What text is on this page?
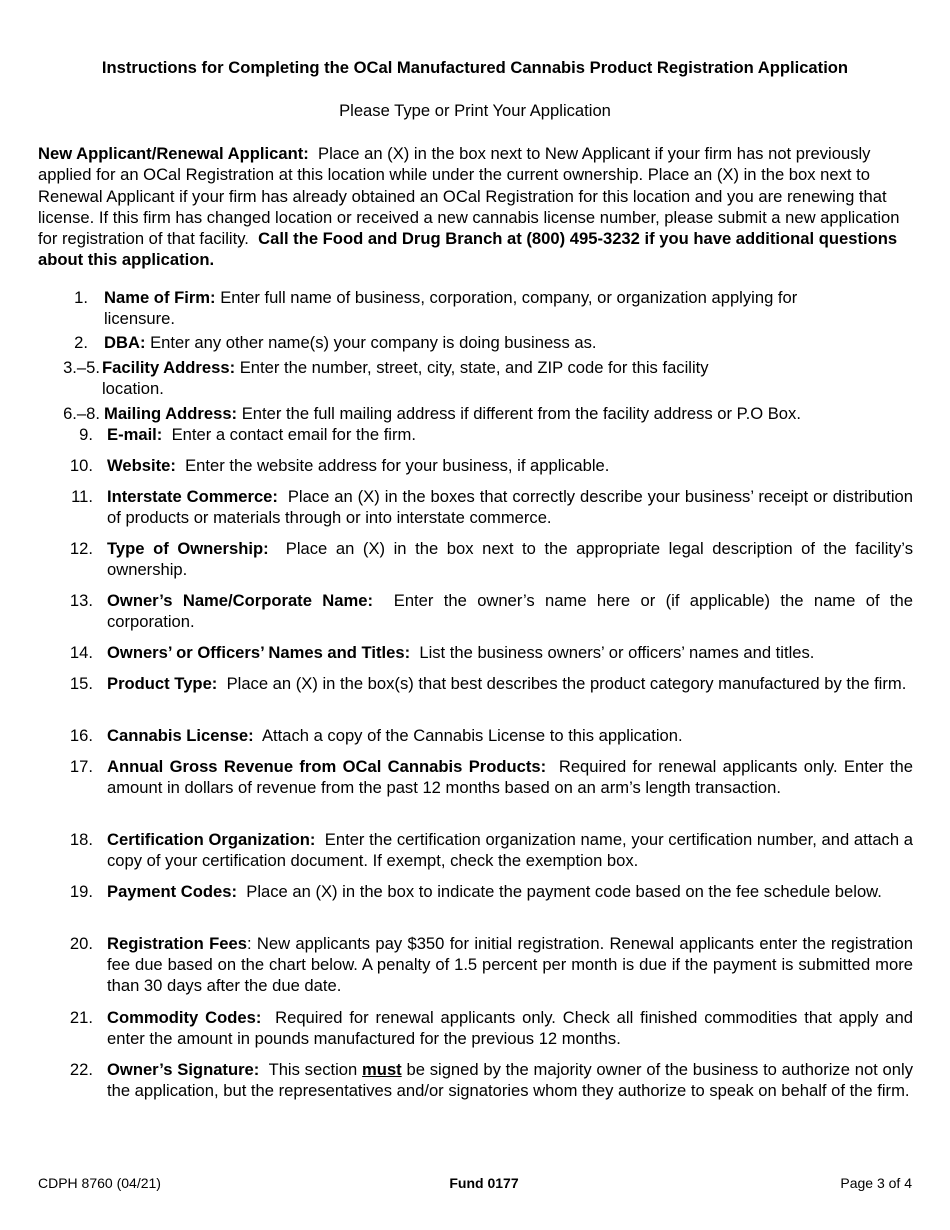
Instructions for Completing the OCal Manufactured Cannabis Product Registration Application
Please Type or Print Your Application
New Applicant/Renewal Applicant: Place an (X) in the box next to New Applicant if your firm has not previously applied for an OCal Registration at this location while under the current ownership. Place an (X) in the box next to Renewal Applicant if your firm has already obtained an OCal Registration for this location and you are renewing that license. If this firm has changed location or received a new cannabis license number, please submit a new application for registration of that facility. Call the Food and Drug Branch at (800) 495-3232 if you have additional questions about this application.
1. Name of Firm: Enter full name of business, corporation, company, or organization applying for licensure.
2. DBA: Enter any other name(s) your company is doing business as.
3.–5. Facility Address: Enter the number, street, city, state, and ZIP code for this facility location.
6.–8. Mailing Address: Enter the full mailing address if different from the facility address or P.O Box.
9. E-mail: Enter a contact email for the firm.
10. Website: Enter the website address for your business, if applicable.
11. Interstate Commerce: Place an (X) in the boxes that correctly describe your business’ receipt or distribution of products or materials through or into interstate commerce.
12. Type of Ownership: Place an (X) in the box next to the appropriate legal description of the facility’s ownership.
13. Owner’s Name/Corporate Name: Enter the owner’s name here or (if applicable) the name of the corporation.
14. Owners’ or Officers’ Names and Titles: List the business owners’ or officers’ names and titles.
15. Product Type: Place an (X) in the box(s) that best describes the product category manufactured by the firm.
16. Cannabis License: Attach a copy of the Cannabis License to this application.
17. Annual Gross Revenue from OCal Cannabis Products: Required for renewal applicants only. Enter the amount in dollars of revenue from the past 12 months based on an arm’s length transaction.
18. Certification Organization: Enter the certification organization name, your certification number, and attach a copy of your certification document. If exempt, check the exemption box.
19. Payment Codes: Place an (X) in the box to indicate the payment code based on the fee schedule below.
20. Registration Fees: New applicants pay $350 for initial registration. Renewal applicants enter the registration fee due based on the chart below. A penalty of 1.5 percent per month is due if the payment is submitted more than 30 days after the due date.
21. Commodity Codes: Required for renewal applicants only. Check all finished commodities that apply and enter the amount in pounds manufactured for the previous 12 months.
22. Owner’s Signature: This section must be signed by the majority owner of the business to authorize not only the application, but the representatives and/or signatories whom they authorize to speak on behalf of the firm.
CDPH 8760 (04/21)	Fund 0177	Page 3 of 4
